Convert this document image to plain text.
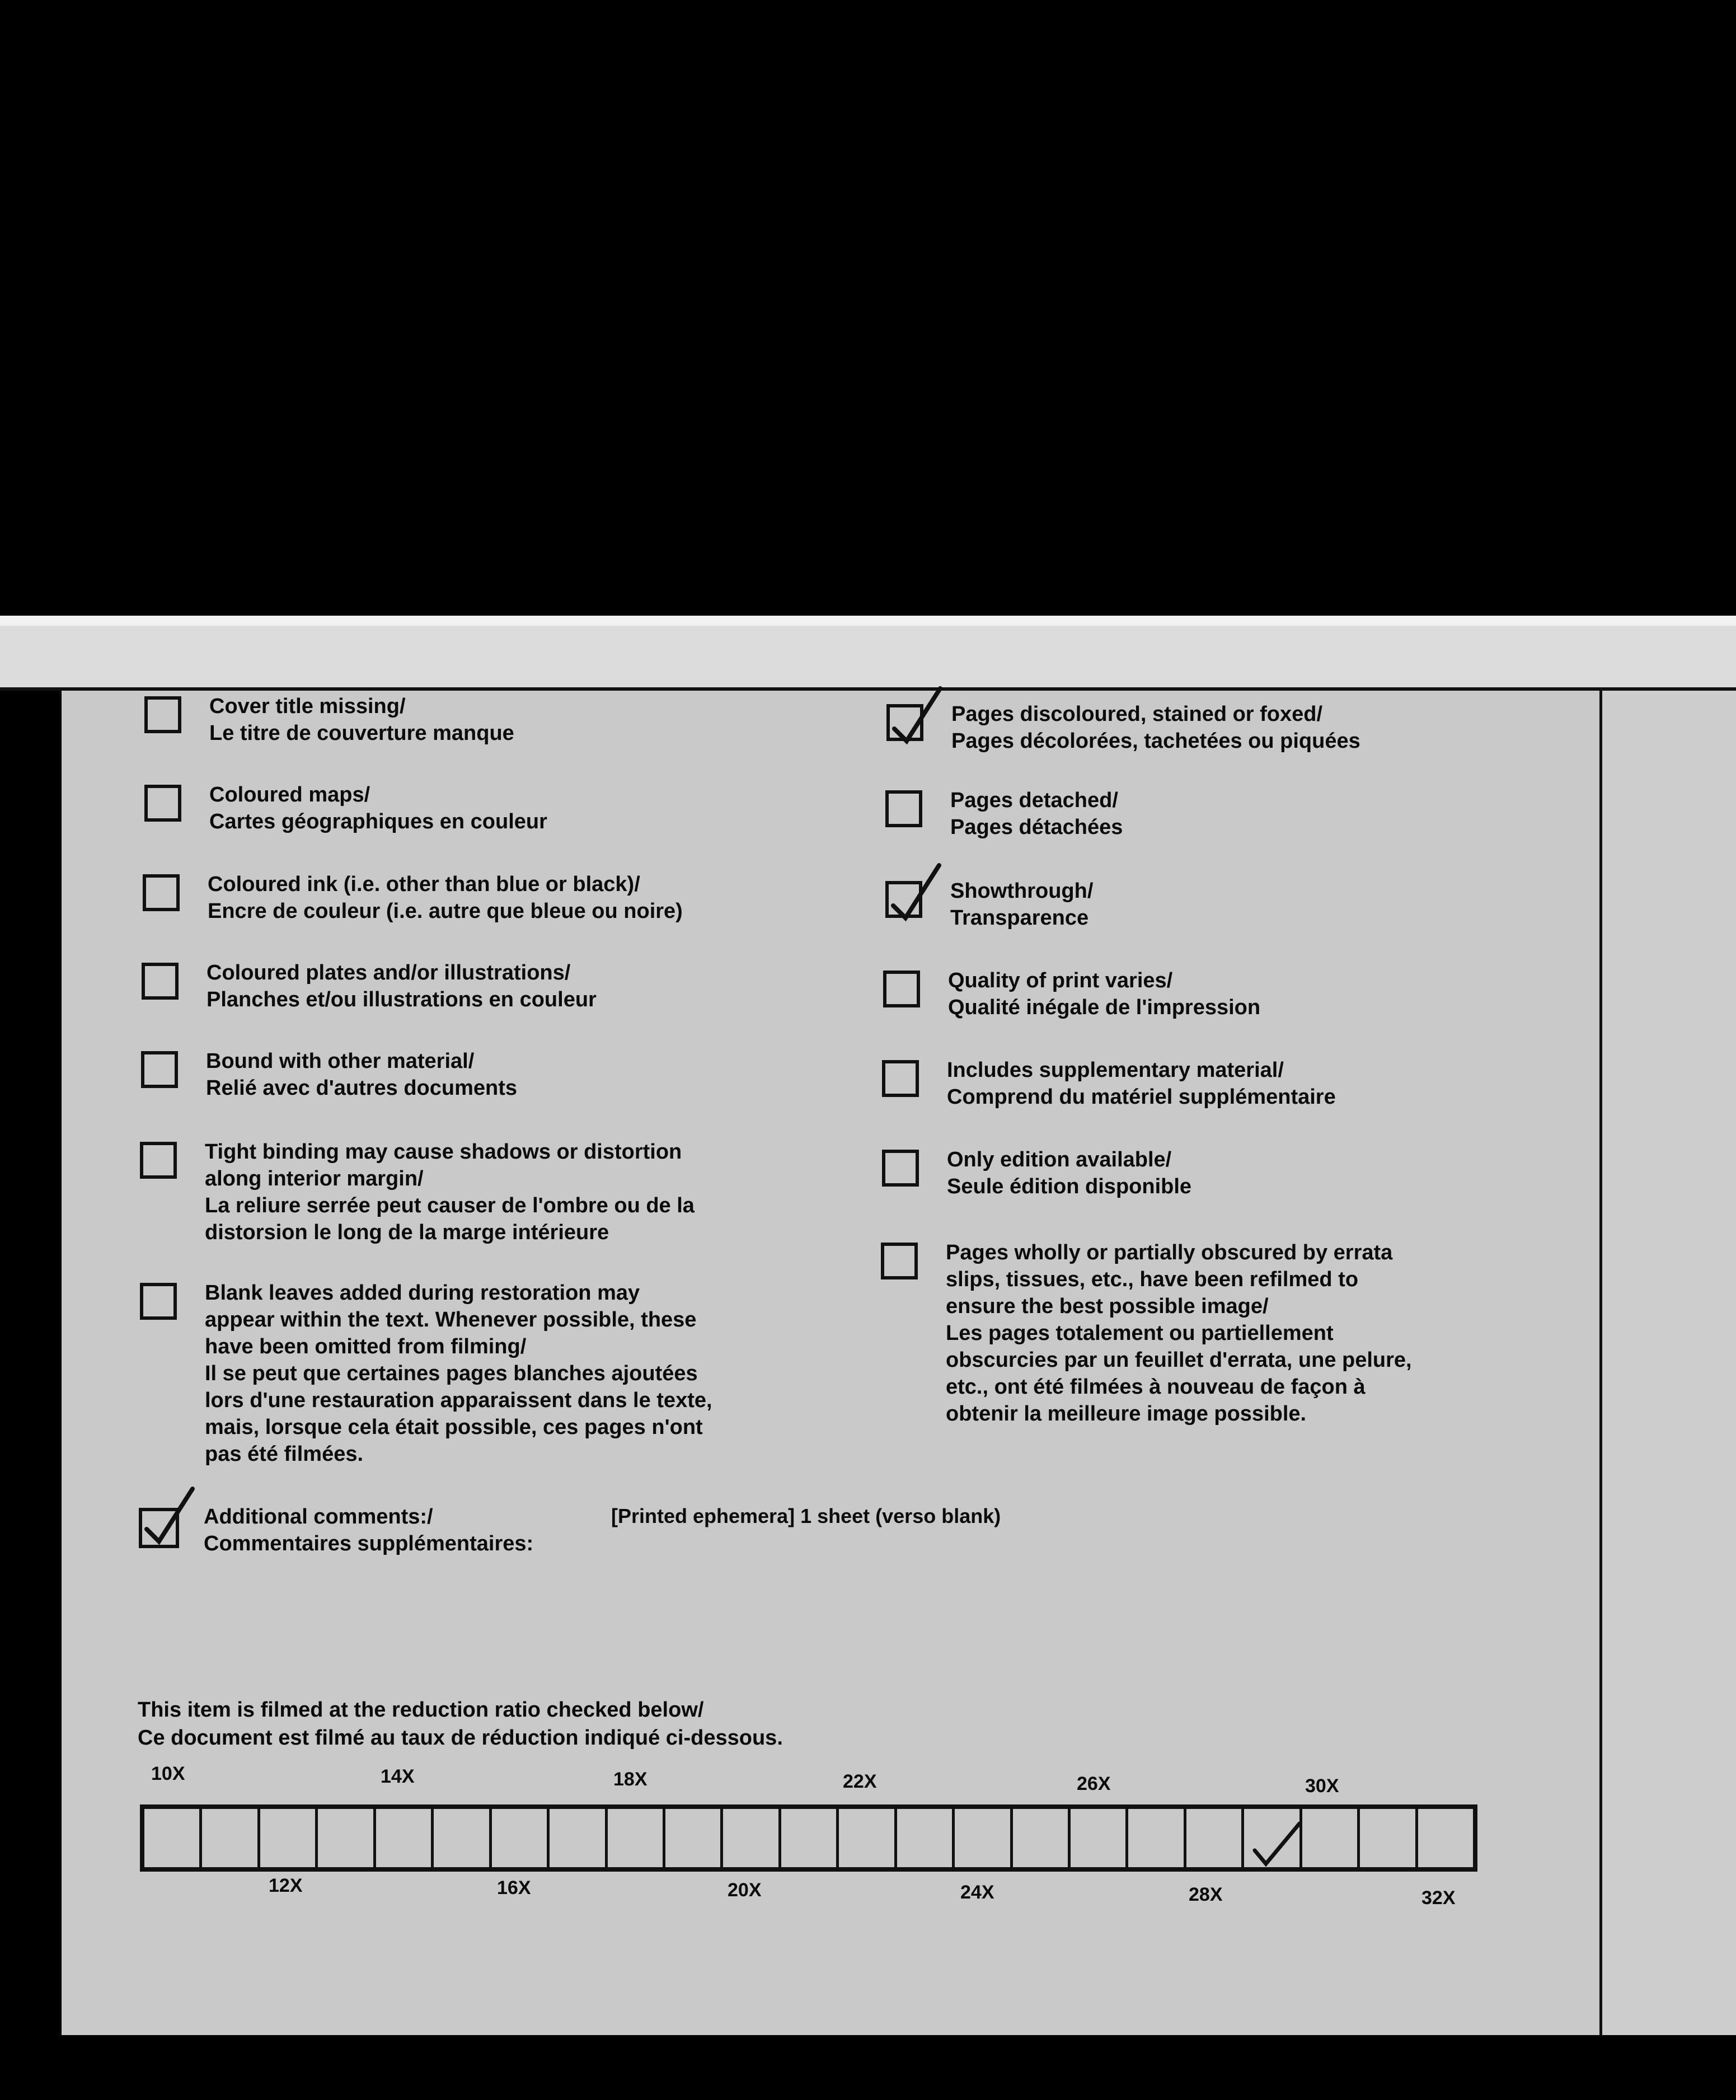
Cover title missing/
Le titre de couverture manque
Coloured maps/
Cartes géographiques en couleur
Coloured ink (i.e. other than blue or black)/
Encre de couleur (i.e. autre que bleue ou noire)
Coloured plates and/or illustrations/
Planches et/ou illustrations en couleur
Bound with other material/
Relié avec d'autres documents
Tight binding may cause shadows or distortion
along interior margin/
La reliure serrée peut causer de l'ombre ou de la
distorsion le long de la marge intérieure
Blank leaves added during restoration may
appear within the text. Whenever possible, these
have been omitted from filming/
Il se peut que certaines pages blanches ajoutées
lors d'une restauration apparaissent dans le texte,
mais, lorsque cela était possible, ces pages n'ont
pas été filmées.
Pages discoloured, stained or foxed/
Pages décolorées, tachetées ou piquées
Pages detached/
Pages détachées
Showthrough/
Transparence
Quality of print varies/
Qualité inégale de l'impression
Includes supplementary material/
Comprend du matériel supplémentaire
Only edition available/
Seule édition disponible
Pages wholly or partially obscured by errata
slips, tissues, etc., have been refilmed to
ensure the best possible image/
Les pages totalement ou partiellement
obscurcies par un feuillet d'errata, une pelure,
etc., ont été filmées à nouveau de façon à
obtenir la meilleure image possible.
Additional comments:/
Commentaires supplémentaires:
[Printed ephemera] 1 sheet (verso blank)
This item is filmed at the reduction ratio checked below/
Ce document est filmé au taux de réduction indiqué ci-dessous.
10X	14X	18X	22X	26X	30X
12X	16X	20X	24X	28X	32X
